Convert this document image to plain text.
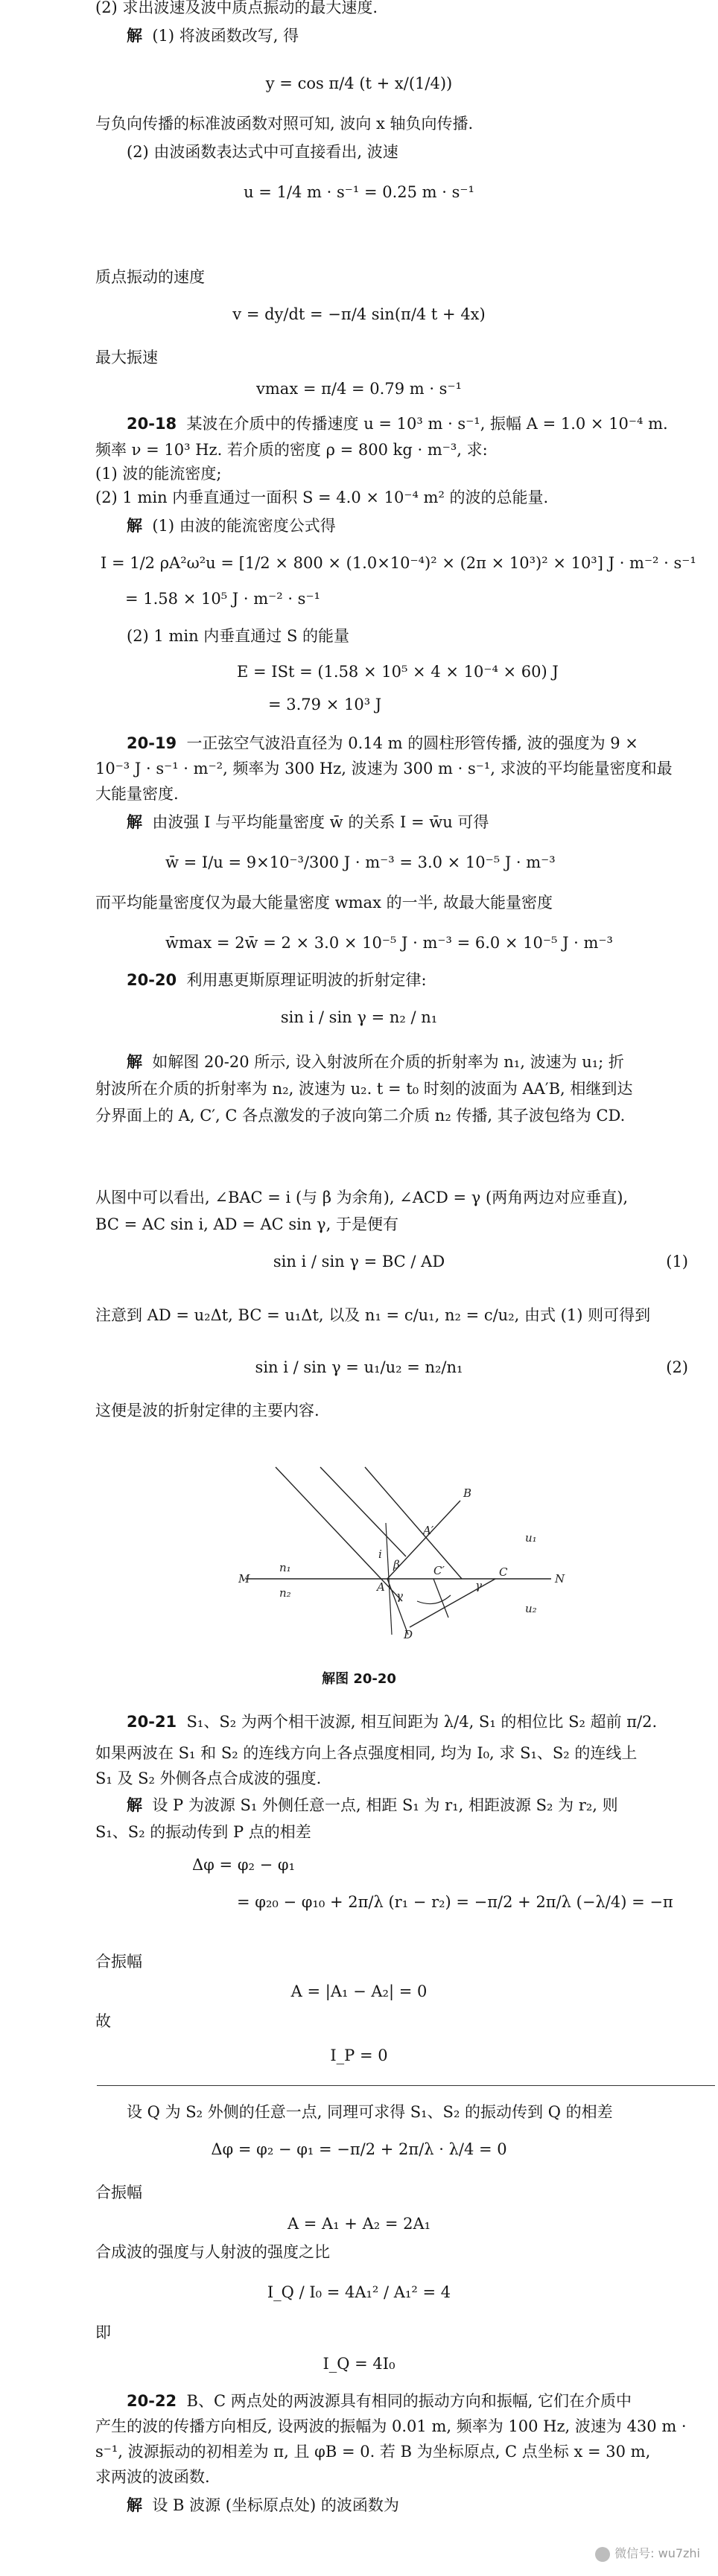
(2) 求出波速及波中质点振动的最大速度.
解 (1) 将波函数改写, 得
y = cos π/4 (t + x/(1/4))
与负向传播的标准波函数对照可知, 波向 x 轴负向传播.
(2) 由波函数表达式中可直接看出, 波速
u = 1/4 m · s⁻¹ = 0.25 m · s⁻¹
质点振动的速度
v = dy/dt = −π/4 sin(π/4 t + 4x)
最大振速
vmax = π/4 = 0.79 m · s⁻¹
20-18 某波在介质中的传播速度 u = 10³ m · s⁻¹, 振幅 A = 1.0 × 10⁻⁴ m.
频率 ν = 10³ Hz. 若介质的密度 ρ = 800 kg · m⁻³, 求:
(1) 波的能流密度;
(2) 1 min 内垂直通过一面积 S = 4.0 × 10⁻⁴ m² 的波的总能量.
解 (1) 由波的能流密度公式得
I = 1/2 ρA²ω²u = [1/2 × 800 × (1.0×10⁻⁴)² × (2π × 10³)² × 10³] J · m⁻² · s⁻¹
= 1.58 × 10⁵ J · m⁻² · s⁻¹
(2) 1 min 内垂直通过 S 的能量
E = ISt = (1.58 × 10⁵ × 4 × 10⁻⁴ × 60) J
= 3.79 × 10³ J
20-19 一正弦空气波沿直径为 0.14 m 的圆柱形管传播, 波的强度为 9 ×
10⁻³ J · s⁻¹ · m⁻², 频率为 300 Hz, 波速为 300 m · s⁻¹, 求波的平均能量密度和最
大能量密度.
解 由波强 I 与平均能量密度 w̄ 的关系 I = w̄u 可得
w̄ = I/u = 9×10⁻³/300 J · m⁻³ = 3.0 × 10⁻⁵ J · m⁻³
而平均能量密度仅为最大能量密度 wmax 的一半, 故最大能量密度
w̄max = 2w̄ = 2 × 3.0 × 10⁻⁵ J · m⁻³ = 6.0 × 10⁻⁵ J · m⁻³
20-20 利用惠更斯原理证明波的折射定律:
sin i / sin γ = n₂ / n₁
解 如解图 20-20 所示, 设入射波所在介质的折射率为 n₁, 波速为 u₁; 折
射波所在介质的折射率为 n₂, 波速为 u₂. t = t₀ 时刻的波面为 AA′B, 相继到达
分界面上的 A, C′, C 各点激发的子波向第二介质 n₂ 传播, 其子波包络为 CD.
从图中可以看出, ∠BAC = i (与 β 为余角), ∠ACD = γ (两角两边对应垂直),
BC = AC sin i, AD = AC sin γ, 于是便有
sin i / sin γ = BC / AD	(1)
注意到 AD = u₂Δt, BC = u₁Δt, 以及 n₁ = c/u₁, n₂ = c/u₂, 由式 (1) 则可得到
sin i / sin γ = u₁/u₂ = n₂/n₁	(2)
这便是波的折射定律的主要内容.
B
A′
u₁
n₁
M
i
β	C′	C	N
n₂	A
γ
γ
D
u₂
解图 20-20
20-21 S₁、S₂ 为两个相干波源, 相互间距为 λ/4, S₁ 的相位比 S₂ 超前 π/2.
如果两波在 S₁ 和 S₂ 的连线方向上各点强度相同, 均为 I₀, 求 S₁、S₂ 的连线上
S₁ 及 S₂ 外侧各点合成波的强度.
解 设 P 为波源 S₁ 外侧任意一点, 相距 S₁ 为 r₁, 相距波源 S₂ 为 r₂, 则
S₁、S₂ 的振动传到 P 点的相差
Δφ = φ₂ − φ₁
= φ₂₀ − φ₁₀ + 2π/λ (r₁ − r₂) = −π/2 + 2π/λ (−λ/4) = −π
合振幅
A = |A₁ − A₂| = 0
故
I_P = 0
设 Q 为 S₂ 外侧的任意一点, 同理可求得 S₁、S₂ 的振动传到 Q 的相差
Δφ = φ₂ − φ₁ = −π/2 + 2π/λ · λ/4 = 0
合振幅
A = A₁ + A₂ = 2A₁
合成波的强度与人射波的强度之比
I_Q / I₀ = 4A₁² / A₁² = 4
即
I_Q = 4I₀
20-22 B、C 两点处的两波源具有相同的振动方向和振幅, 它们在介质中
产生的波的传播方向相反, 设两波的振幅为 0.01 m, 频率为 100 Hz, 波速为 430 m ·
s⁻¹, 波源振动的初相差为 π, 且 φB = 0. 若 B 为坐标原点, C 点坐标 x = 30 m,
求两波的波函数.
解 设 B 波源 (坐标原点处) 的波函数为
微信号: wu7zhi
